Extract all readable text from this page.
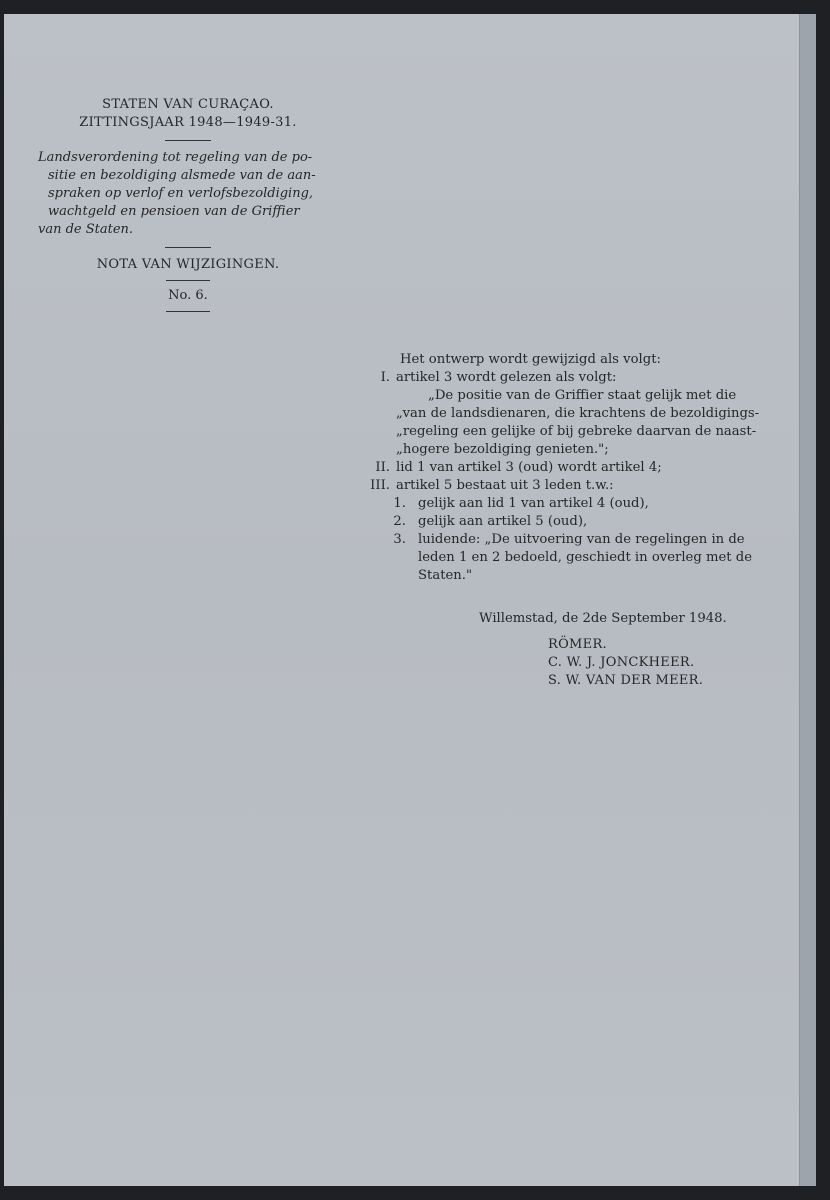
STATEN VAN CURAÇAO.
ZITTINGSJAAR 1948—1949-31.

Landsverordening tot regeling van de po-

sitie en bezoldiging alsmede van de aan-

spraken op verlof en verlofsbezoldiging,

wachtgeld en pensioen van de Griffier

van de Staten.

NOTA VAN WIJZIGINGEN.
No. 6.
Het ontwerp wordt gewijzigd als volgt:
I. artikel 3 wordt gelezen als volgt:
„De positie van de Griffier staat gelijk met die
„van de landsdienaren, die krachtens de bezoldigings-
„regeling een gelijke of bij gebreke daarvan de naast-
„hogere bezoldiging genieten.";
II. lid 1 van artikel 3 (oud) wordt artikel 4;
III. artikel 5 bestaat uit 3 leden t.w.:
1. gelijk aan lid 1 van artikel 4 (oud),
2. gelijk aan artikel 5 (oud),
3. luidende: „De uitvoering van de regelingen in de
leden 1 en 2 bedoeld, geschiedt in overleg met de
Staten."
Willemstad, de 2de September 1948.
RÖMER.
C. W. J. JONCKHEER.
S. W. VAN DER MEER.
